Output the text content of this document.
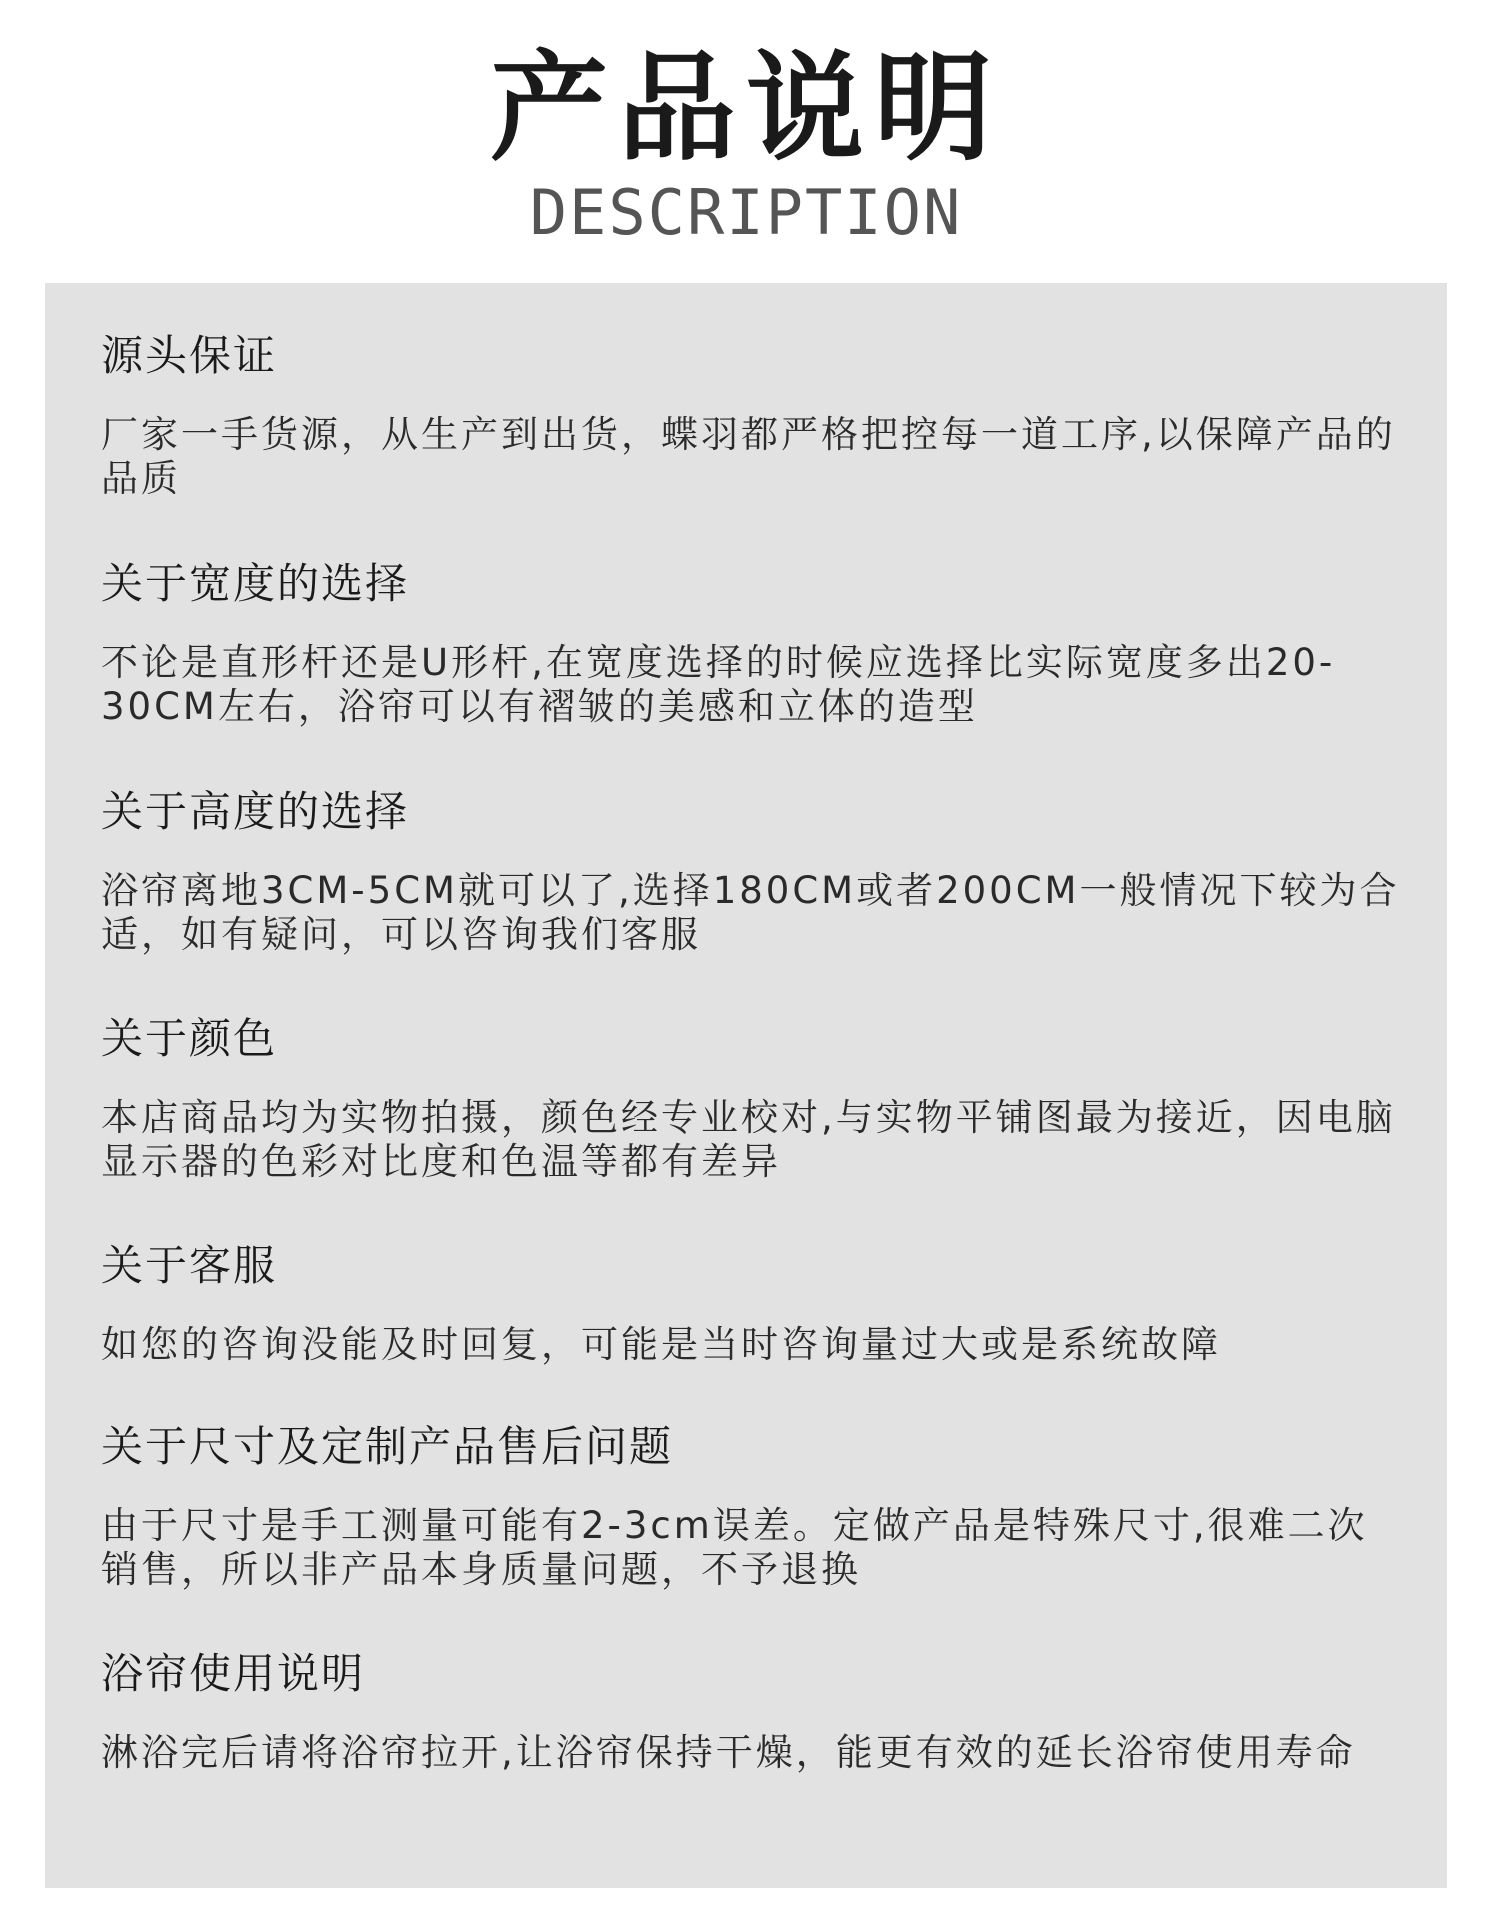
产品说明
DESCRIPTION
源头保证

厂家一手货源，从生产到出货，蝶羽都严格把控每一道工序,以保障产品的品质

关于宽度的选择

不论是直形杆还是U形杆,在宽度选择的时候应选择比实际宽度多出20-30CM左右，浴帘可以有褶皱的美感和立体的造型

关于高度的选择

浴帘离地3CM-5CM就可以了,选择180CM或者200CM一般情况下较为合适，如有疑问，可以咨询我们客服

关于颜色

本店商品均为实物拍摄，颜色经专业校对,与实物平铺图最为接近，因电脑显示器的色彩对比度和色温等都有差异

关于客服

如您的咨询没能及时回复，可能是当时咨询量过大或是系统故障

关于尺寸及定制产品售后问题

由于尺寸是手工测量可能有2-3cm误差。定做产品是特殊尺寸,很难二次销售，所以非产品本身质量问题，不予退换

浴帘使用说明

淋浴完后请将浴帘拉开,让浴帘保持干燥，能更有效的延长浴帘使用寿命
